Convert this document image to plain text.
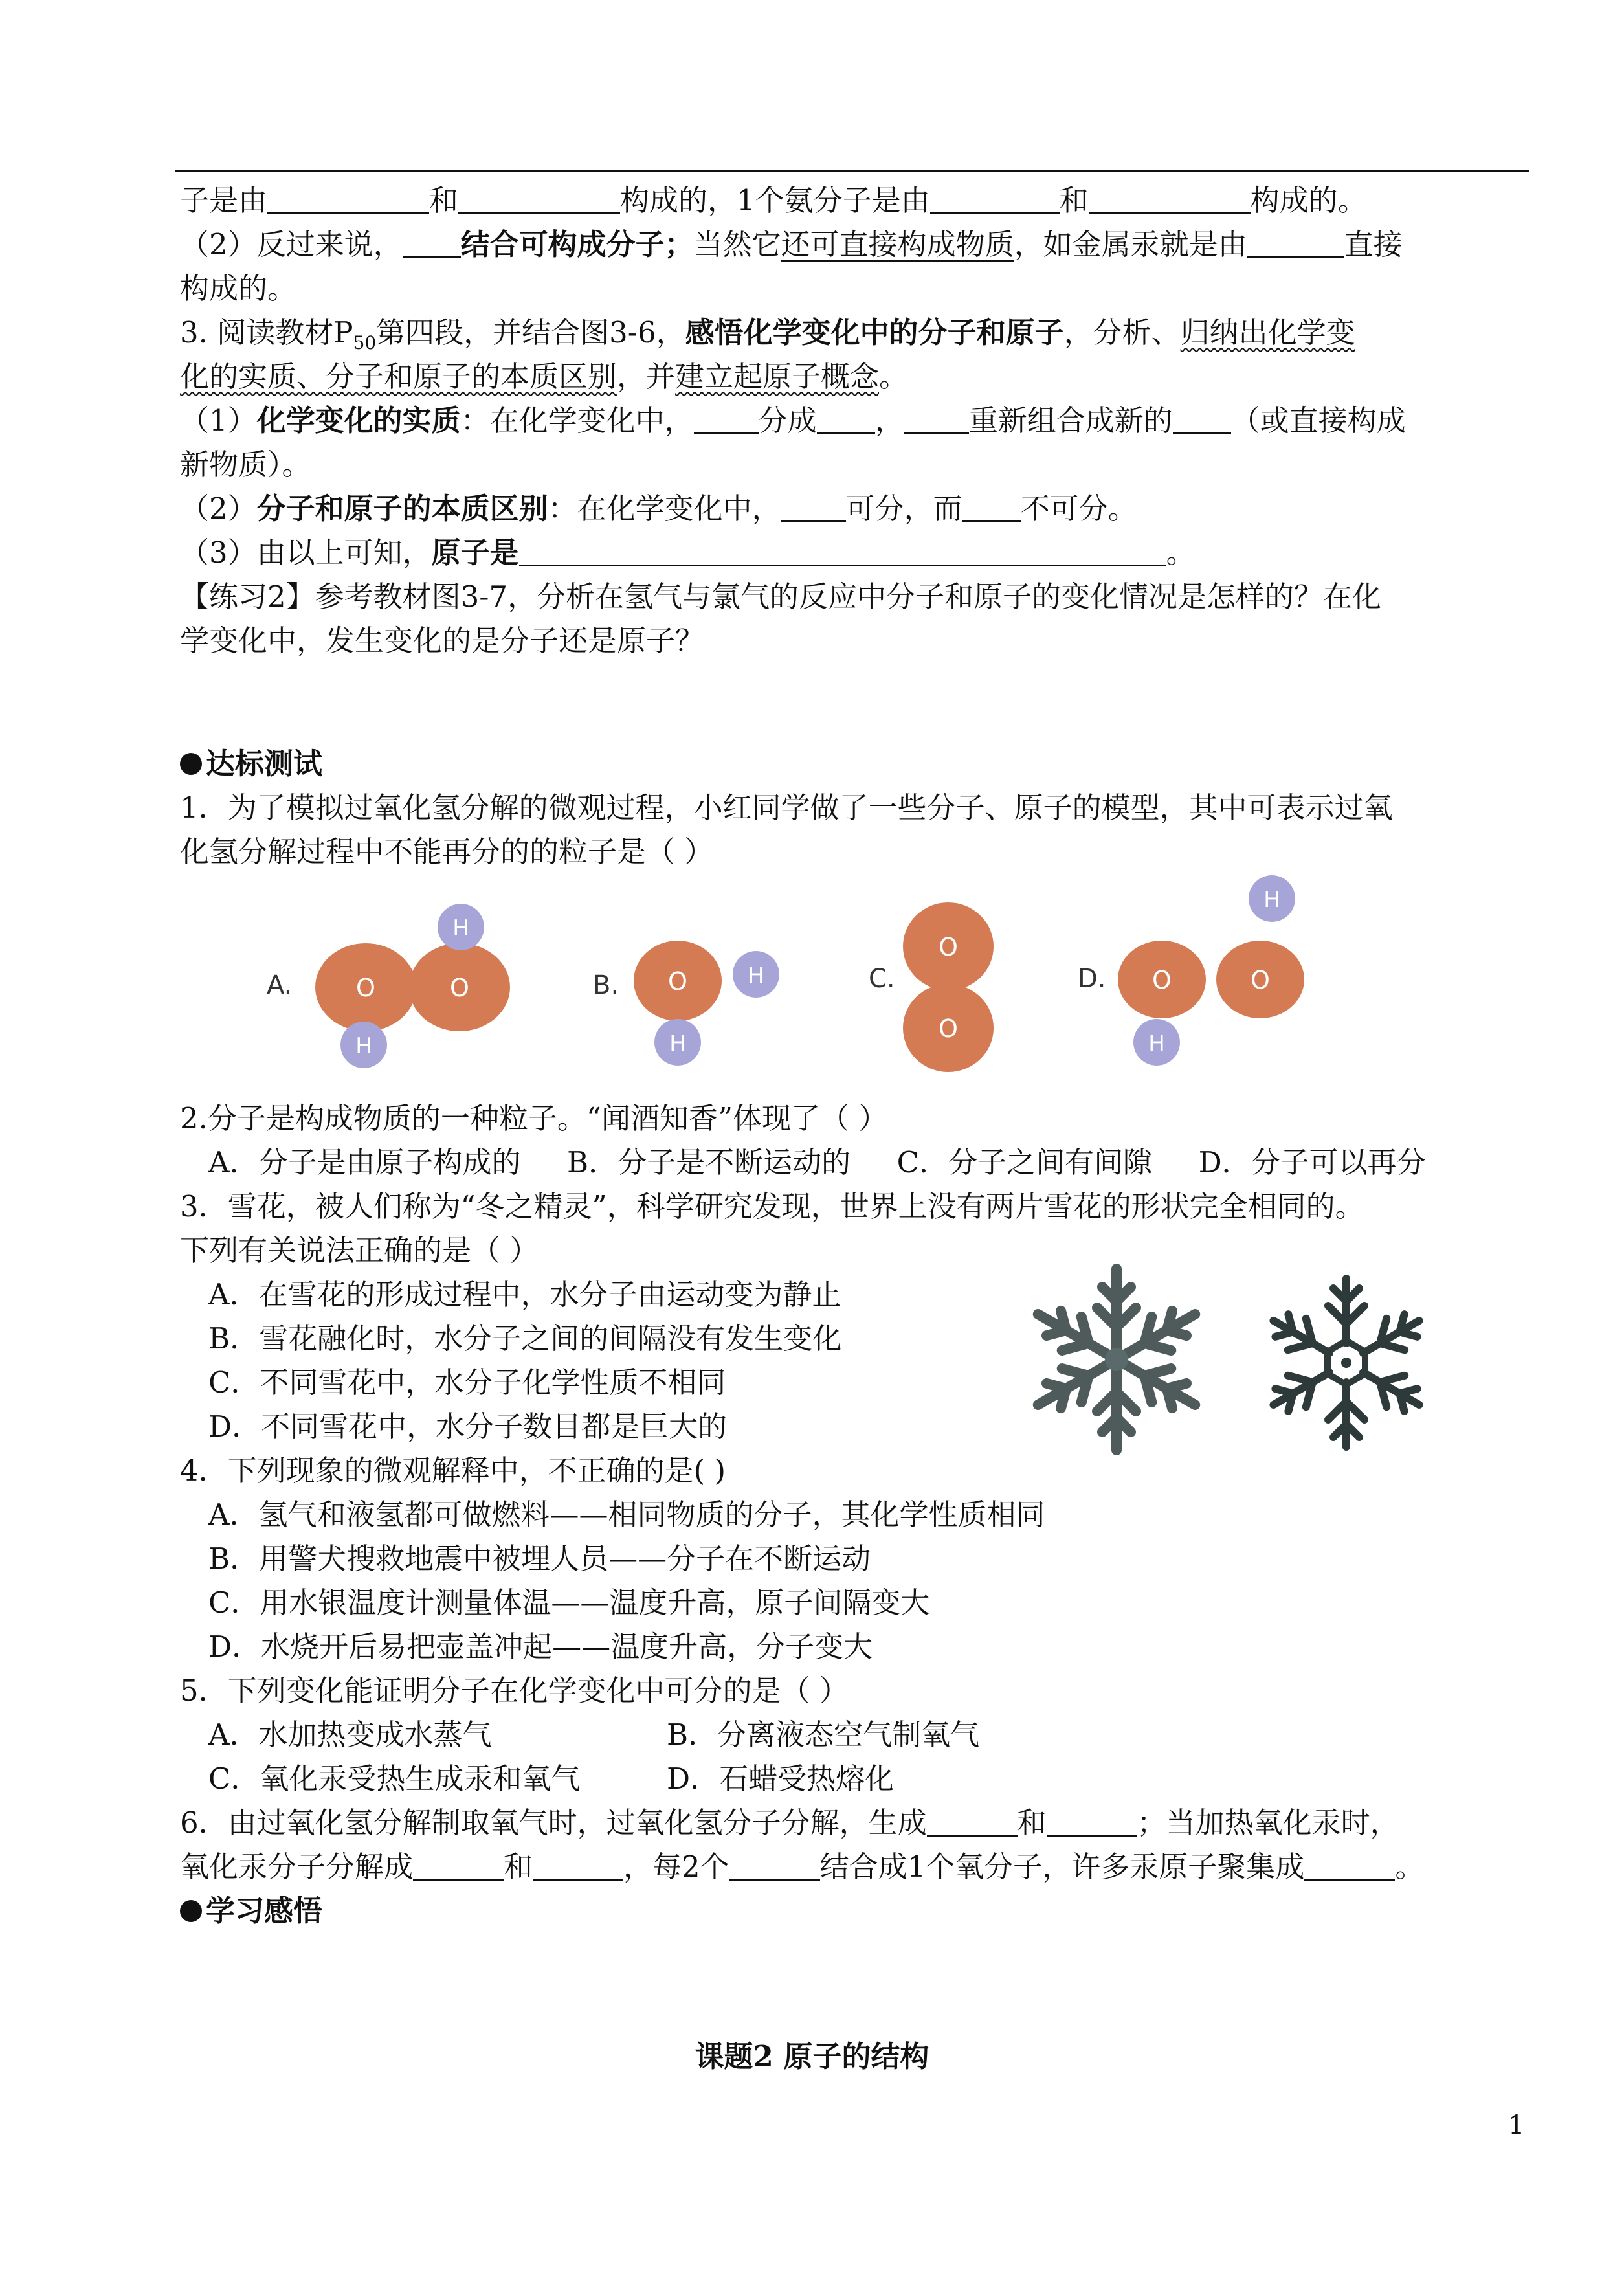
子是由	和	构成的，1个氨分子是由	和	构成的。
（2）反过来说， 结合可构成分子；当然它还可直接构成物质，如金属汞就是由	直接
构成的。
3. 阅读教材$P_{50}$第四段，并结合图3-6，感悟化学变化中的分子和原子，分析、归纳出化学变
化的实质、分子和原子的本质区别，并建立起原子概念。
（1）化学变化的实质：在化学变化中， 分成 ， 重新组合成新的 （或直接构成
新物质）。
（2）分子和原子的本质区别：在化学变化中， 可分，而 不可分。
（3）由以上可知，原子是	。
【练习2】参考教材图3-7，分析在氢气与氯气的反应中分子和原子的变化情况是怎样的？在化
学变化中，发生变化的是分子还是原子？
达标测试
1．为了模拟过氧化氢分解的微观过程，小红同学做了一些分子、原子的模型，其中可表示过氧
化氢分解过程中不能再分的的粒子是（ ）
A.	O	O
H
H
B. O	H
H
C.
O
O
D. O	O
H
H
2.分子是构成物质的一种粒子。“闻酒知香”体现了（ ）
A．分子是由原子构成的     B．分子是不断运动的     C．分子之间有间隙     D．分子可以再分
3．雪花，被人们称为“冬之精灵”，科学研究发现，世界上没有两片雪花的形状完全相同的。
下列有关说法正确的是（ ）
A．在雪花的形成过程中，水分子由运动变为静止
B．雪花融化时，水分子之间的间隔没有发生变化
C．不同雪花中，水分子化学性质不相同
D．不同雪花中，水分子数目都是巨大的
4．下列现象的微观解释中，不正确的是( )
A．氢气和液氢都可做燃料——相同物质的分子，其化学性质相同
B．用警犬搜救地震中被埋人员——分子在不断运动
C．用水银温度计测量体温——温度升高，原子间隔变大
D．水烧开后易把壶盖冲起——温度升高，分子变大
5．下列变化能证明分子在化学变化中可分的是（ ）
A．水加热变成水蒸气	B．分离液态空气制氧气
C．氧化汞受热生成汞和氧气	D．石蜡受热熔化
6．由过氧化氢分解制取氧气时，过氧化氢分子分解，生成	和	；当加热氧化汞时，
氧化汞分子分解成	和	，每2个	结合成1个氧分子，许多汞原子聚集成	。
学习感悟
课题2 原子的结构
1
